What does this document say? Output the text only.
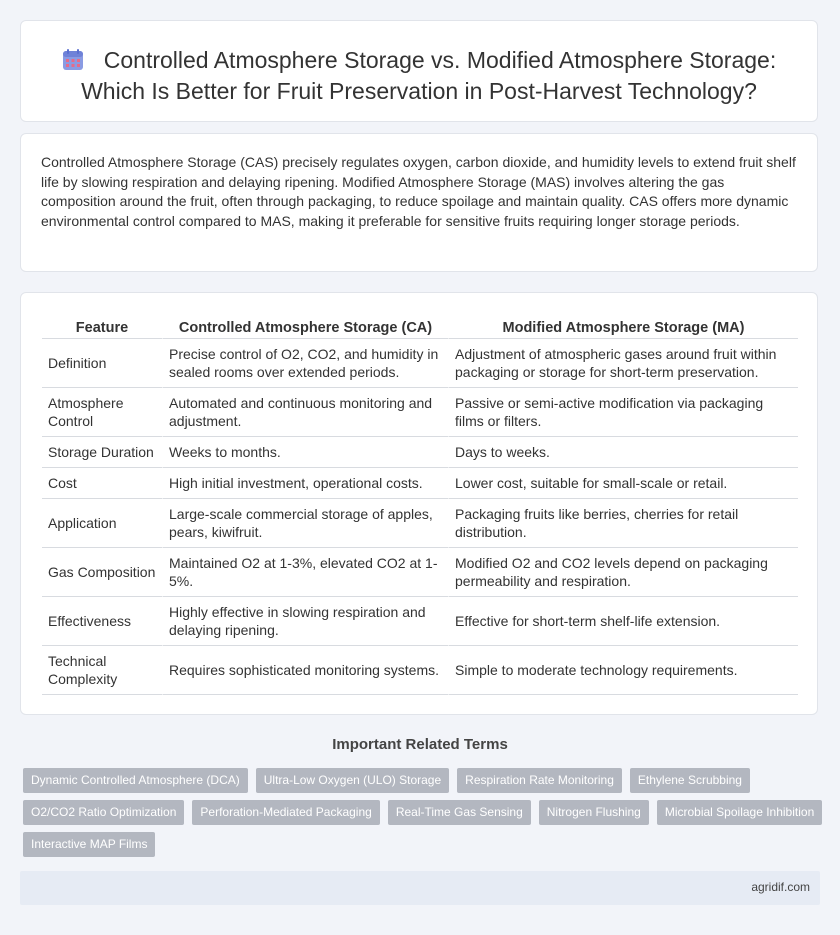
Controlled Atmosphere Storage vs. Modified Atmosphere Storage: Which Is Better for Fruit Preservation in Post-Harvest Technology?

Controlled Atmosphere Storage (CAS) precisely regulates oxygen, carbon dioxide, and humidity levels to extend fruit shelf life by slowing respiration and delaying ripening. Modified Atmosphere Storage (MAS) involves altering the gas composition around the fruit, often through packaging, to reduce spoilage and maintain quality. CAS offers more dynamic environmental control compared to MAS, making it preferable for sensitive fruits requiring longer storage periods.

Feature	Controlled Atmosphere Storage (CA)	Modified Atmosphere Storage (MA)
Definition	Precise control of O2, CO2, and humidity in sealed rooms over extended periods.	Adjustment of atmospheric gases around fruit within packaging or storage for short-term preservation.
Atmosphere Control	Automated and continuous monitoring and adjustment.	Passive or semi-active modification via packaging films or filters.
Storage Duration	Weeks to months.	Days to weeks.
Cost	High initial investment, operational costs.	Lower cost, suitable for small-scale or retail.
Application	Large-scale commercial storage of apples, pears, kiwifruit.	Packaging fruits like berries, cherries for retail distribution.
Gas Composition	Maintained O2 at 1-3%, elevated CO2 at 1-5%.	Modified O2 and CO2 levels depend on packaging permeability and respiration.
Effectiveness	Highly effective in slowing respiration and delaying ripening.	Effective for short-term shelf-life extension.
Technical Complexity	Requires sophisticated monitoring systems.	Simple to moderate technology requirements.
Important Related Terms
Dynamic Controlled Atmosphere (DCA)	Ultra-Low Oxygen (ULO) Storage	Respiration Rate Monitoring	Ethylene Scrubbing
O2/CO2 Ratio Optimization	Perforation-Mediated Packaging	Real-Time Gas Sensing	Nitrogen Flushing	Microbial Spoilage Inhibition
Interactive MAP Films
agridif.com
